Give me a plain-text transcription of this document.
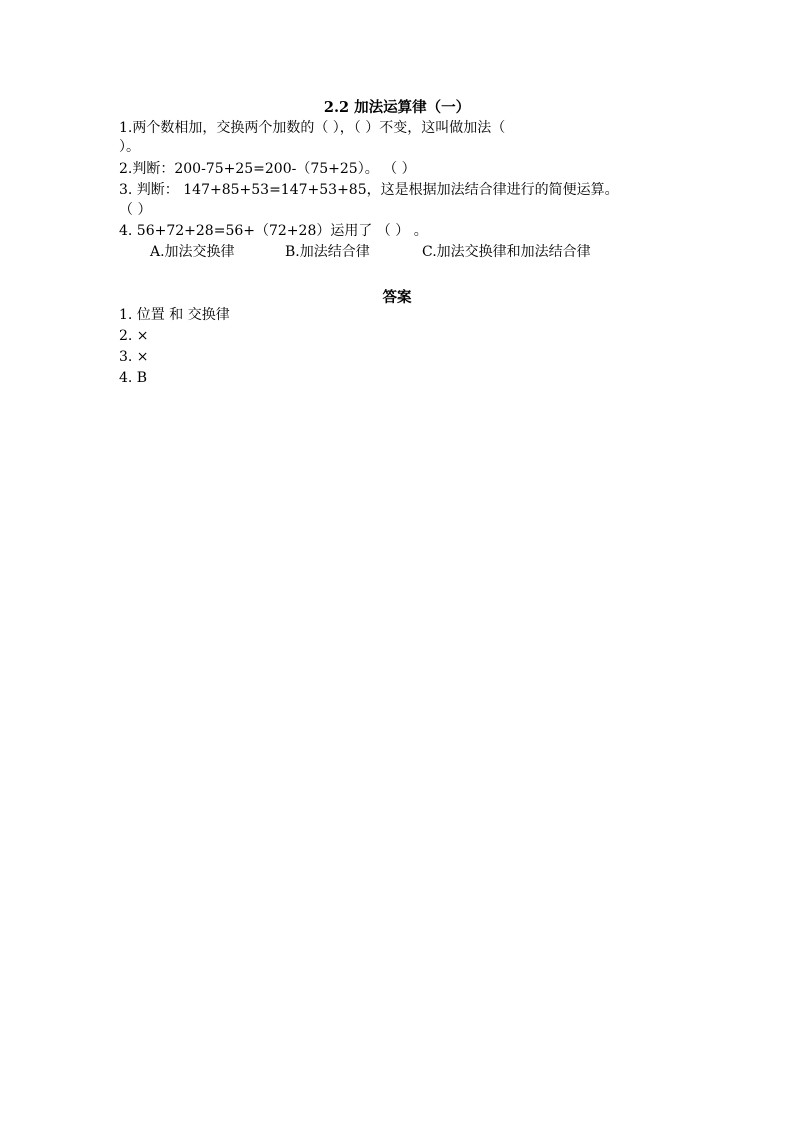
2.2 加法运算律（一）
1.两个数相加，交换两个加数的（ ），（ ）不变，这叫做加法（
）。
2.判断：200-75+25=200-（75+25）。 （ ）
3. 判断： 147+85+53=147+53+85，这是根据加法结合律进行的简便运算。
（ ）
4. 56+72+28=56+（72+28）运用了 （ ） 。
A.加法交换律	B.加法结合律	C.加法交换律和加法结合律
答案
1. 位置 和 交换律
2. ×
3. ×
4. B
